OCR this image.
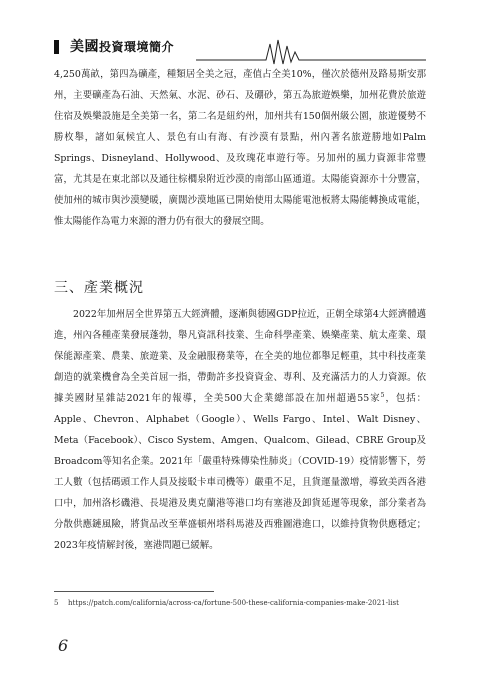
美國投資環境簡介

4,250萬畝，第四為礦產，種類居全美之冠，產值占全美10%，僅次於德州及路易斯安那州，主要礦產為石油、天然氣、水泥、砂石、及硼砂，第五為旅遊娛樂，加州花費於旅遊住宿及娛樂設施是全美第一名，第二名是紐約州，加州共有150個州級公園，旅遊優勢不勝枚舉，諸如氣候宜人、景色有山有海、有沙漠有景點，州內著名旅遊勝地如Palm Springs、Disneyland、Hollywood、及玫瑰花車遊行等。另加州的風力資源非常豐富，尤其是在東北部以及通往棕櫚泉附近沙漠的南部山區通道。太陽能資源亦十分豐富，使加州的城市與沙漠變暖，廣闊沙漠地區已開始使用太陽能電池板將太陽能轉換成電能，惟太陽能作為電力來源的潛力仍有很大的發展空間。

三、產業概況

2022年加州居全世界第五大經濟體，逐漸與德國GDP拉近，正朝全球第4大經濟體邁進，州內各種產業發展蓬勃，舉凡資訊科技業、生命科學產業、娛樂產業、航太產業、環保能源產業、農業、旅遊業、及金融服務業等，在全美的地位都舉足輕重，其中科技產業創造的就業機會為全美首屈一指，帶動許多投資資金、專利、及充滿活力的人力資源。依據美國財星雜誌2021年的報導，全美500大企業總部設在加州超過55家$^5$，包括：Apple、Chevron、Alphabet（Google）、Wells Fargo、Intel、Walt Disney、Meta（Facebook）、Cisco System、Amgen、Qualcom、Gilead、CBRE Group及Broadcom等知名企業。2021年「嚴重特殊傳染性肺炎」（COVID-19）疫情影響下，勞工人數（包括碼頭工作人員及接駁卡車司機等）嚴重不足，且貨運量激增，導致美西各港口中，加州洛杉磯港、長堤港及奧克蘭港等港口均有塞港及卸貨延遲等現象，部分業者為分散供應鏈風險，將貨品改至華盛頓州塔科馬港及西雅圖港進口，以維持貨物供應穩定；2023年疫情解封後，塞港問題已緩解。

5 https://patch.com/california/across-ca/fortune-500-these-california-companies-make-2021-list
6
